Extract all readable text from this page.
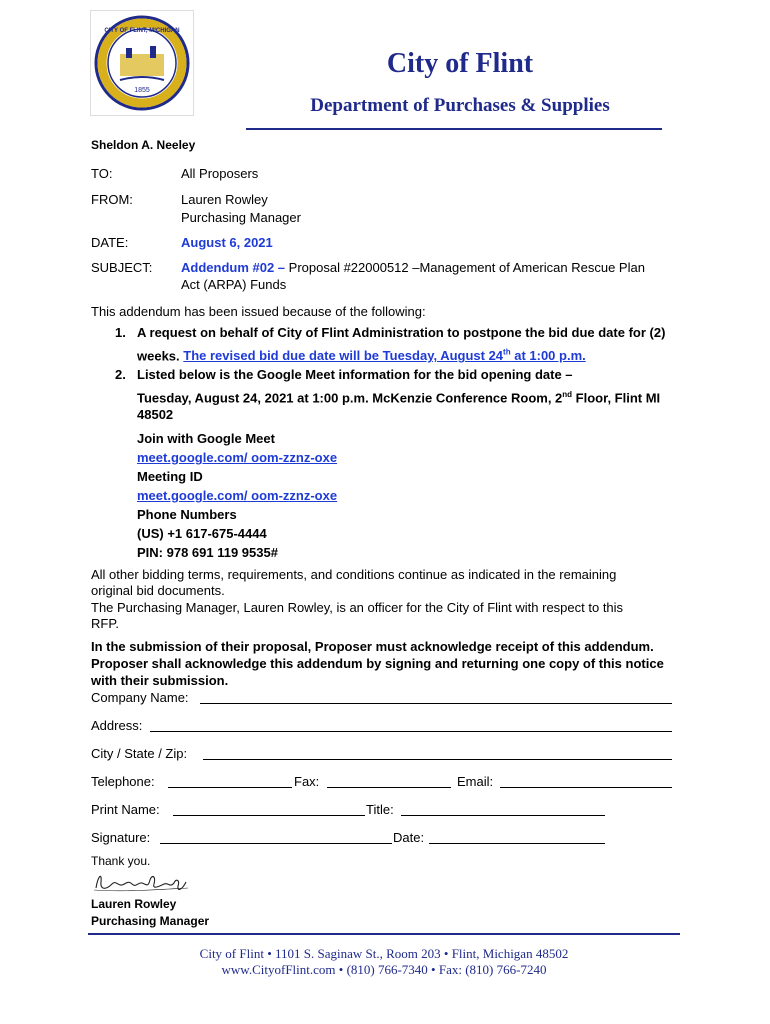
1855
CITY OF FLINT, MICHIGAN
City of Flint
Department of Purchases & Supplies
Sheldon A. Neeley
TO:	All Proposers
FROM:	Lauren Rowley
Purchasing Manager
DATE:	August 6, 2021
SUBJECT: Addendum #02 – Proposal #22000512 –Management of American Rescue Plan
Act (ARPA) Funds
This addendum has been issued because of the following:
1. A request on behalf of City of Flint Administration to postpone the bid due date for (2)
weeks. The revised bid due date will be Tuesday, August 24th at 1:00 p.m.
2. Listed below is the Google Meet information for the bid opening date –
Tuesday, August 24, 2021 at 1:00 p.m. McKenzie Conference Room, 2nd Floor, Flint MI
48502
Join with Google Meet
meet.google.com/ oom-zznz-oxe
Meeting ID
meet.google.com/ oom-zznz-oxe
Phone Numbers
(US) +1 617-675-4444
PIN: 978 691 119 9535#
All other bidding terms, requirements, and conditions continue as indicated in the remaining
original bid documents.
The Purchasing Manager, Lauren Rowley, is an officer for the City of Flint with respect to this
RFP.
In the submission of their proposal, Proposer must acknowledge receipt of this addendum.
Proposer shall acknowledge this addendum by signing and returning one copy of this notice
with their submission.
Company Name:
Address:
City / State / Zip:
Telephone:	Fax:	Email:
Print Name:	Title:
Signature:	Date:
Thank you.
Lauren Rowley
Purchasing Manager
City of Flint • 1101 S. Saginaw St., Room 203 • Flint, Michigan 48502
www.CityofFlint.com • (810) 766-7340 • Fax: (810) 766-7240
